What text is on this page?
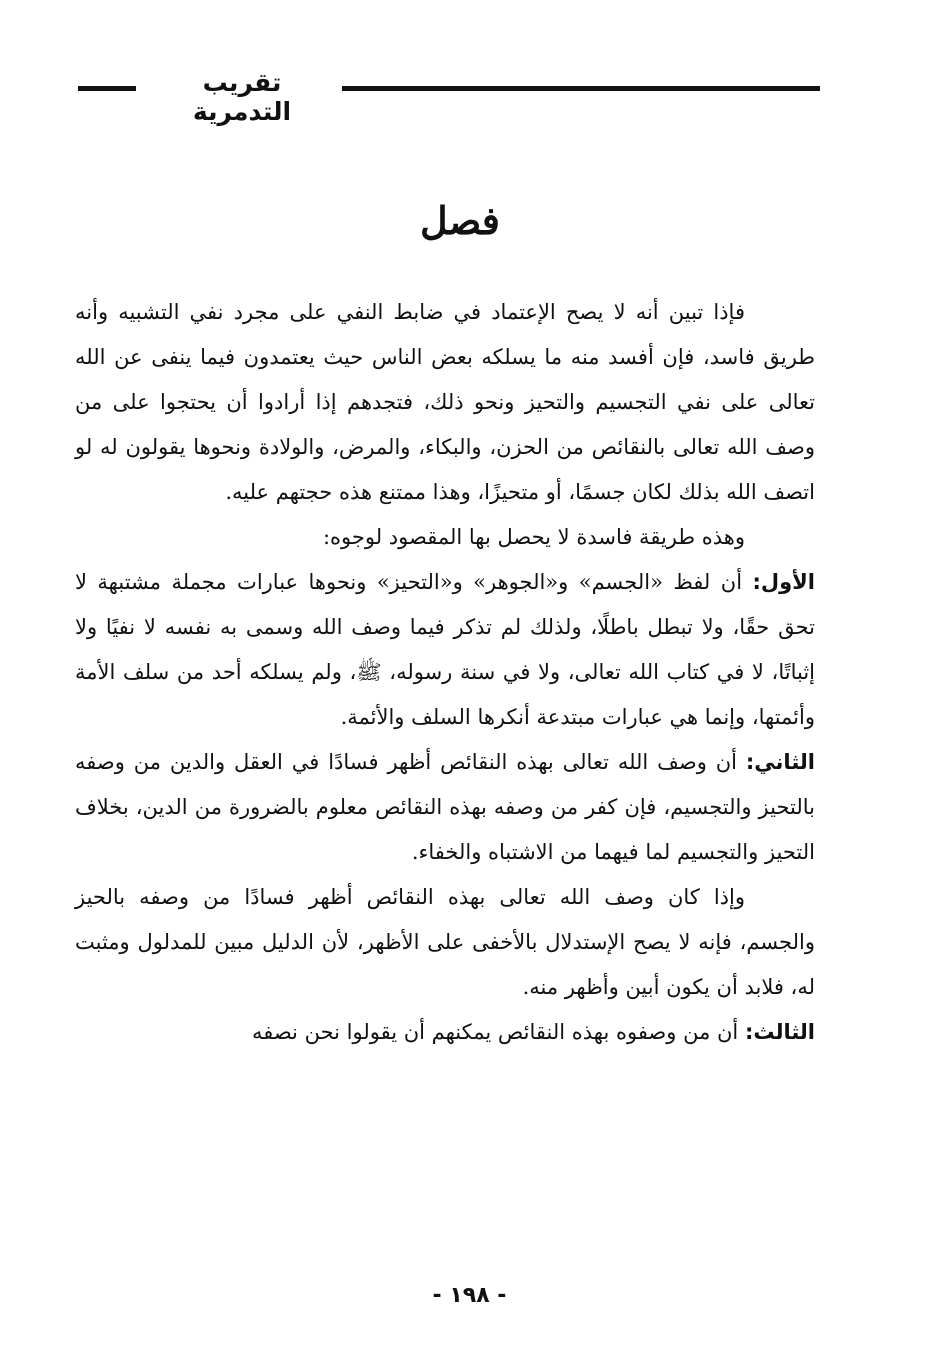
تقريب التدمرية
فصل

فإذا تبين أنه لا يصح الإعتماد في ضابط النفي على مجرد نفي التشبيه وأنه طريق فاسد، فإن أفسد منه ما يسلكه بعض الناس حيث يعتمدون فيما ينفى عن الله تعالى على نفي التجسيم والتحيز ونحو ذلك، فتجدهم إذا أرادوا أن يحتجوا على من وصف الله تعالى بالنقائص من الحزن، والبكاء، والمرض، والولادة ونحوها يقولون له لو اتصف الله بذلك لكان جسمًا، أو متحيزًا، وهذا ممتنع هذه حجتهم عليه.

وهذه طريقة فاسدة لا يحصل بها المقصود لوجوه:

الأول: أن لفظ «الجسم» و«الجوهر» و«التحيز» ونحوها عبارات مجملة مشتبهة لا تحق حقًا، ولا تبطل باطلًا، ولذلك لم تذكر فيما وصف الله وسمى به نفسه لا نفيًا ولا إثباتًا، لا في كتاب الله تعالى، ولا في سنة رسوله، ﷺ، ولم يسلكه أحد من سلف الأمة وأئمتها، وإنما هي عبارات مبتدعة أنكرها السلف والأئمة.

الثاني: أن وصف الله تعالى بهذه النقائص أظهر فسادًا في العقل والدين من وصفه بالتحيز والتجسيم، فإن كفر من وصفه بهذه النقائص معلوم بالضرورة من الدين، بخلاف التحيز والتجسيم لما فيهما من الاشتباه والخفاء.

وإذا كان وصف الله تعالى بهذه النقائص أظهر فسادًا من وصفه بالحيز والجسم، فإنه لا يصح الإستدلال بالأخفى على الأظهر، لأن الدليل مبين للمدلول ومثبت له، فلابد أن يكون أبين وأظهر منه.

الثالث: أن من وصفوه بهذه النقائص يمكنهم أن يقولوا نحن نصفه

- ١٩٨ -
